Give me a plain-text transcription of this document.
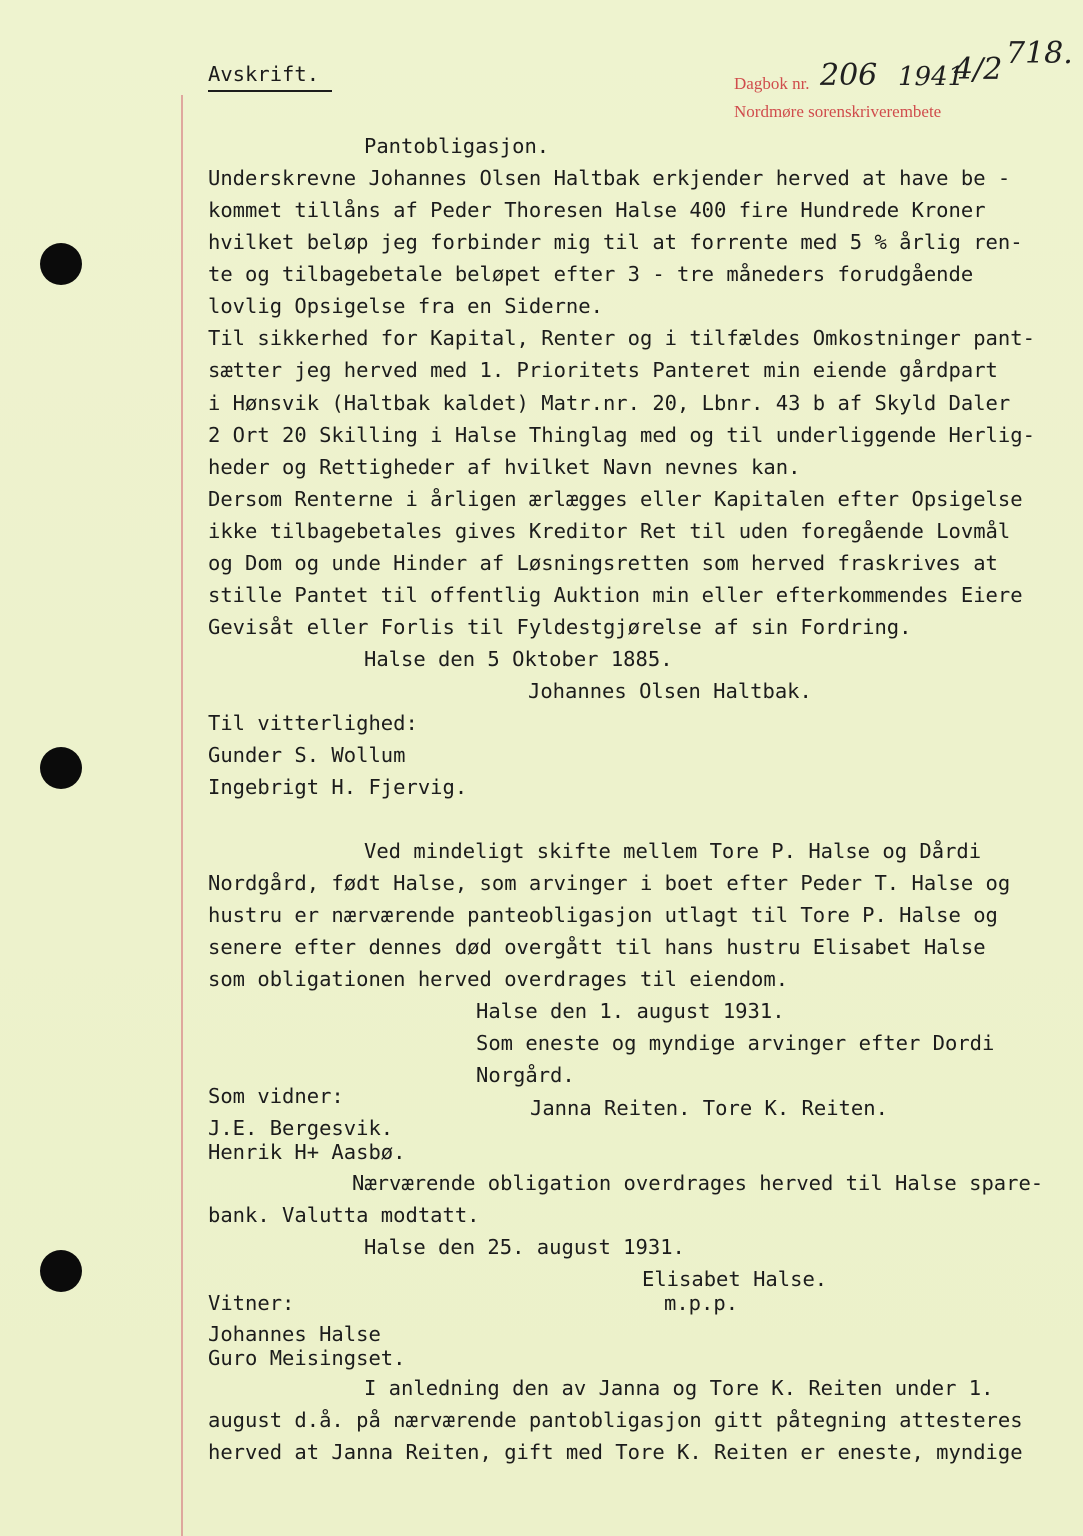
Avskrift.	Dagbok nr.
Nordmøre sorenskriverembete
206 1941
4/2 718.
Pantobligasjon.
Underskrevne Johannes Olsen Haltbak erkjender herved at have be -
kommet tillåns af Peder Thoresen Halse 400 fire Hundrede Kroner
hvilket beløp jeg forbinder mig til at forrente med 5 % årlig ren-
te og tilbagebetale beløpet efter 3 - tre måneders forudgående
lovlig Opsigelse fra en Siderne.
Til sikkerhed for Kapital, Renter og i tilfældes Omkostninger pant-
sætter jeg herved med 1. Prioritets Panteret min eiende gårdpart
i Hønsvik (Haltbak kaldet) Matr.nr. 20, Lbnr. 43 b af Skyld Daler
2 Ort 20 Skilling i Halse Thinglag med og til underliggende Herlig-
heder og Rettigheder af hvilket Navn nevnes kan.
Dersom Renterne i årligen ærlægges eller Kapitalen efter Opsigelse
ikke tilbagebetales gives Kreditor Ret til uden foregående Lovmål
og Dom og unde Hinder af Løsningsretten som herved fraskrives at
stille Pantet til offentlig Auktion min eller efterkommendes Eiere
Gevisåt eller Forlis til Fyldestgjørelse af sin Fordring.
Halse den 5 Oktober 1885.
Johannes Olsen Haltbak.
Til vitterlighed:
Gunder S. Wollum
Ingebrigt H. Fjervig.
Ved mindeligt skifte mellem Tore P. Halse og Dårdi
Nordgård, født Halse, som arvinger i boet efter Peder T. Halse og
hustru er nærværende panteobligasjon utlagt til Tore P. Halse og
senere efter dennes død overgått til hans hustru Elisabet Halse
som obligationen herved overdrages til eiendom.
Halse den 1. august 1931.
Som eneste og myndige arvinger efter Dordi
Norgård.
Som vidner:	Janna Reiten. Tore K. Reiten.
J.E. Bergesvik.
Henrik H+ Aasbø.
Nærværende obligation overdrages herved til Halse spare-
bank. Valutta modtatt.
Halse den 25. august 1931.
Elisabet Halse.
Vitner:	m.p.p.
Johannes Halse
Guro Meisingset.
I anledning den av Janna og Tore K. Reiten under 1.
august d.å. på nærværende pantobligasjon gitt påtegning attesteres
herved at Janna Reiten, gift med Tore K. Reiten er eneste, myndige
